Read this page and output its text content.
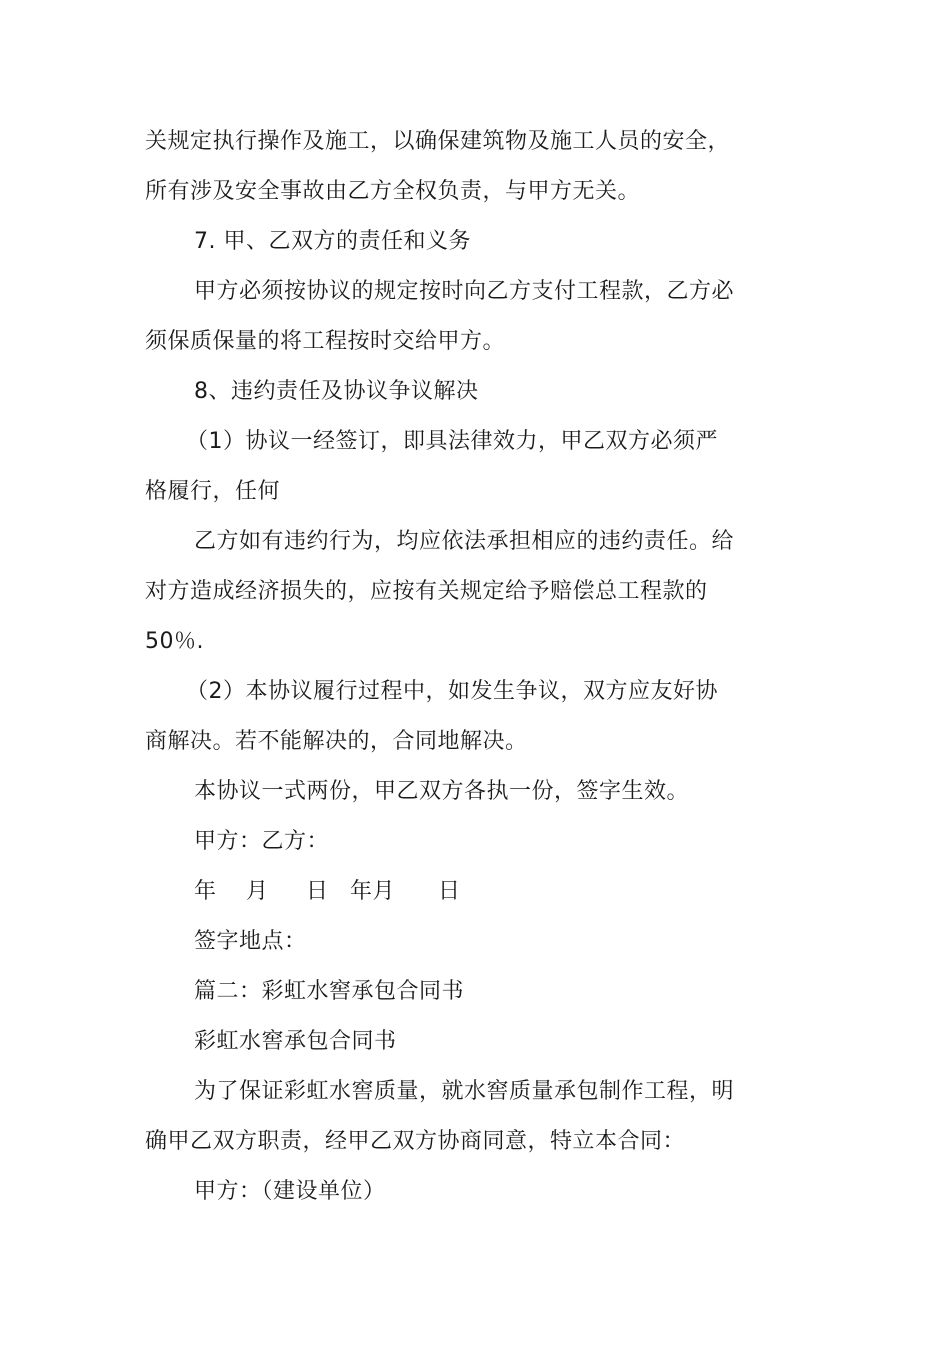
关规定执行操作及施工，以确保建筑物及施工人员的安全，
所有涉及安全事故由乙方全权负责，与甲方无关。
7. 甲、乙双方的责任和义务
甲方必须按协议的规定按时向乙方支付工程款，乙方必
须保质保量的将工程按时交给甲方。
8、违约责任及协议争议解决
（1）协议一经签订，即具法律效力，甲乙双方必须严
格履行，任何
乙方如有违约行为，均应依法承担相应的违约责任。给
对方造成经济损失的，应按有关规定给予赔偿总工程款的
50％.
（2）本协议履行过程中，如发生争议，双方应友好协
商解决。若不能解决的，合同地解决。
本协议一式两份，甲乙双方各执一份，签字生效。
甲方：乙方：
年 月 日 年月 日
签字地点：
篇二：彩虹水窖承包合同书
彩虹水窖承包合同书
为了保证彩虹水窖质量，就水窖质量承包制作工程，明
确甲乙双方职责，经甲乙双方协商同意，特立本合同：
甲方：（建设单位）
